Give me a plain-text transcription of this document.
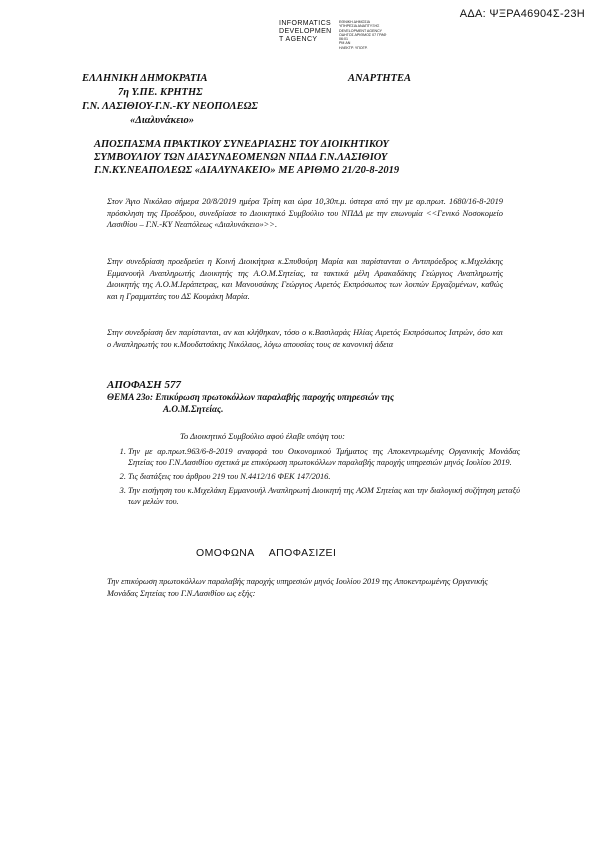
ΑΔΑ: ΨΞΡΑ46904Σ-23Η
INFORMATICS
DEVELOPMEN
T AGENCY
ΕΘΝΙΚΗ ΔΗΜΟΣΙΑ
ΥΠΗΡΕΣΙΑ ΑΝΑΠΤΥΞΗΣ
DEVELOPMENT AGENCY
ΟΔΗΓΟΣ ΑΡΙΘΜΟΣ 07 ΓΡΑΦ
06:01
PM ΑΝ
ΗΛΕΚΤΡ. ΥΠΟΓΡ.
ΕΛΛΗΝΙΚΗ ΔΗΜΟΚΡΑΤΙΑ	ΑΝΑΡΤΗΤΕΑ
7η Υ.ΠΕ. ΚΡΗΤΗΣ
Γ.Ν. ΛΑΣΙΘΙΟΥ-Γ.Ν.-ΚΥ ΝΕΟΠΟΛΕΩΣ
«Διαλυνάκειο»
ΑΠΟΣΠΑΣΜΑ ΠΡΑΚΤΙΚΟΥ ΣΥΝΕΔΡΙΑΣΗΣ ΤΟΥ ΔΙΟΙΚΗΤΙΚΟΥ
ΣΥΜΒΟΥΛΙΟΥ ΤΩΝ ΔΙΑΣΥΝΔΕΟΜΕΝΩΝ ΝΠΔΔ Γ.Ν.ΛΑΣΙΘΙΟΥ
Γ.Ν.ΚΥ.ΝΕΑΠΟΛΕΩΣ «ΔΙΑΛΥΝΑΚΕΙΟ» ΜΕ ΑΡΙΘΜΟ 21/20-8-2019
Στον Άγιο Νικόλαο σήμερα 20/8/2019 ημέρα Τρίτη και ώρα 10,30π.μ. ύστερα από την με αρ.πρωτ. 1680/16-8-2019 πρόσκληση της Προέδρου, συνεδρίασε το Διοικητικό Συμβούλιο του ΝΠΔΔ με την επωνυμία <<Γενικό Νοσοκομείο Λασιθίου – Γ.Ν.-ΚΥ Νεαπόλεως «Διαλυνάκειο»>>.
Στην συνεδρίαση προεδρεύει η Κοινή Διοικήτρια κ.Σπυθούρη Μαρία και παρίστανται ο Αντιπρόεδρος κ.Μιχελάκης Εμμανουήλ Αναπληρωτής Διοικητής της Α.Ο.Μ.Σητείας, τα τακτικά μέλη Αρακαδάκης Γεώργιος Αναπληρωτής Διοικητής της Α.Ο.Μ.Ιεράπετρας, και Μανουσάκης Γεώργιος Αιρετός Εκπρόσωπος των λοιπών Εργαζομένων, καθώς και η Γραμματέας του ΔΣ Κουμάκη Μαρία.
Στην συνεδρίαση δεν παρίστανται, αν και κλήθηκαν, τόσο ο κ.Βασιλαράς Ηλίας Αιρετός Εκπρόσωπος Ιατρών, όσο και ο Αναπληρωτής του κ.Μουδατσάκης Νικόλαος, λόγω απουσίας τους σε κανονική άδεια
ΑΠΟΦΑΣΗ 577
ΘΕΜΑ 23ο: Επικύρωση πρωτοκόλλων παραλαβής παροχής υπηρεσιών της
Α.Ο.Μ.Σητείας.
Το Διοικητικό Συμβούλιο αφού έλαβε υπόψη του:
1. Την με αρ.πρωτ.963/6-8-2019 αναφορά του Οικονομικού Τμήματος της Αποκεντρωμένης Οργανικής Μονάδας Σητείας του Γ.Ν.Λασιθίου σχετικά με επικύρωση πρωτοκόλλων παραλαβής παροχής υπηρεσιών μηνός Ιουλίου 2019.
2. Τις διατάξεις του άρθρου 219 του Ν.4412/16 ΦΕΚ 147/2016.
3. Την εισήγηση του κ.Μιχελάκη Εμμανουήλ Αναπληρωτή Διοικητή της ΑΟΜ Σητείας και την διαλογική συζήτηση μεταξύ των μελών του.
ΟΜΟΦΩΝΑ ΑΠΟΦΑΣΙΖΕΙ
Την επικύρωση πρωτοκόλλων παραλαβής παροχής υπηρεσιών μηνός Ιουλίου 2019 της Αποκεντρωμένης Οργανικής Μονάδας Σητείας του Γ.Ν.Λασιθίου ως εξής:
